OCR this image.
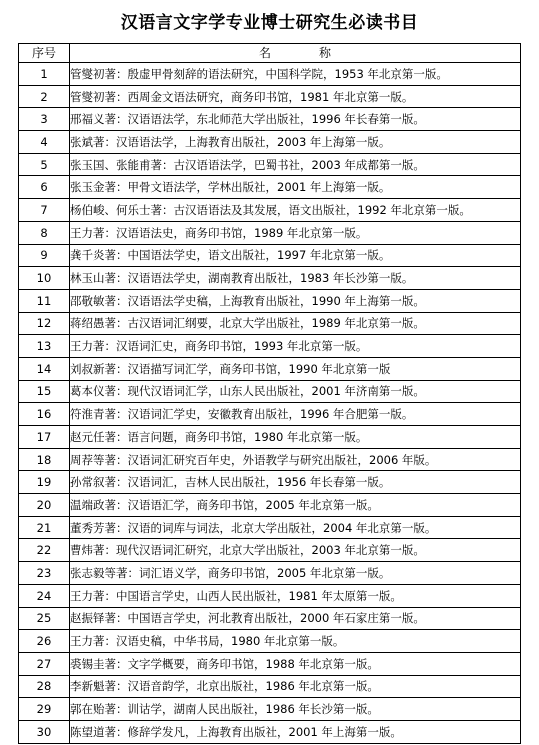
汉语言文字学专业博士研究生必读书目
序号	名　称
1	管燮初著：殷虚甲骨刻辞的语法研究，中国科学院，1953 年北京第一版。
2	管燮初著：西周金文语法研究，商务印书馆，1981 年北京第一版。
3	邢福义著：汉语语法学，东北师范大学出版社，1996 年长春第一版。
4	张斌著：汉语语法学，上海教育出版社，2003 年上海第一版。
5	张玉国、张能甫著：古汉语语法学，巴蜀书社，2003 年成都第一版。
6	张玉金著：甲骨文语法学，学林出版社，2001 年上海第一版。
7	杨伯峻、何乐士著：古汉语语法及其发展，语文出版社，1992 年北京第一版。
8	王力著：汉语语法史，商务印书馆，1989 年北京第一版。
9	龚千炎著：中国语法学史，语文出版社，1997 年北京第一版。
10	林玉山著：汉语语法学史，湖南教育出版社，1983 年长沙第一版。
11	邵敬敏著：汉语语法学史稿，上海教育出版社，1990 年上海第一版。
12	蒋绍愚著：古汉语词汇纲要，北京大学出版社，1989 年北京第一版。
13	王力著：汉语词汇史，商务印书馆，1993 年北京第一版。
14	刘叔新著：汉语描写词汇学，商务印书馆，1990 年北京第一版
15	葛本仪著：现代汉语词汇学，山东人民出版社，2001 年济南第一版。
16	符淮青著：汉语词汇学史，安徽教育出版社，1996 年合肥第一版。
17	赵元任著：语言问题，商务印书馆，1980 年北京第一版。
18	周荐等著：汉语词汇研究百年史，外语教学与研究出版社，2006 年版。
19	孙常叙著：汉语词汇，吉林人民出版社，1956 年长春第一版。
20	温端政著：汉语语汇学，商务印书馆，2005 年北京第一版。
21	董秀芳著：汉语的词库与词法，北京大学出版社，2004 年北京第一版。
22	曹炜著：现代汉语词汇研究，北京大学出版社，2003 年北京第一版。
23	张志毅等著：词汇语义学，商务印书馆，2005 年北京第一版。
24	王力著：中国语言学史，山西人民出版社，1981 年太原第一版。
25	赵振铎著：中国语言学史，河北教育出版社，2000 年石家庄第一版。
26	王力著：汉语史稿，中华书局，1980 年北京第一版。
27	裘锡圭著：文字学概要，商务印书馆，1988 年北京第一版。
28	李新魁著：汉语音韵学，北京出版社，1986 年北京第一版。
29	郭在贻著：训诂学，湖南人民出版社，1986 年长沙第一版。
30	陈望道著：修辞学发凡，上海教育出版社，2001 年上海第一版。
